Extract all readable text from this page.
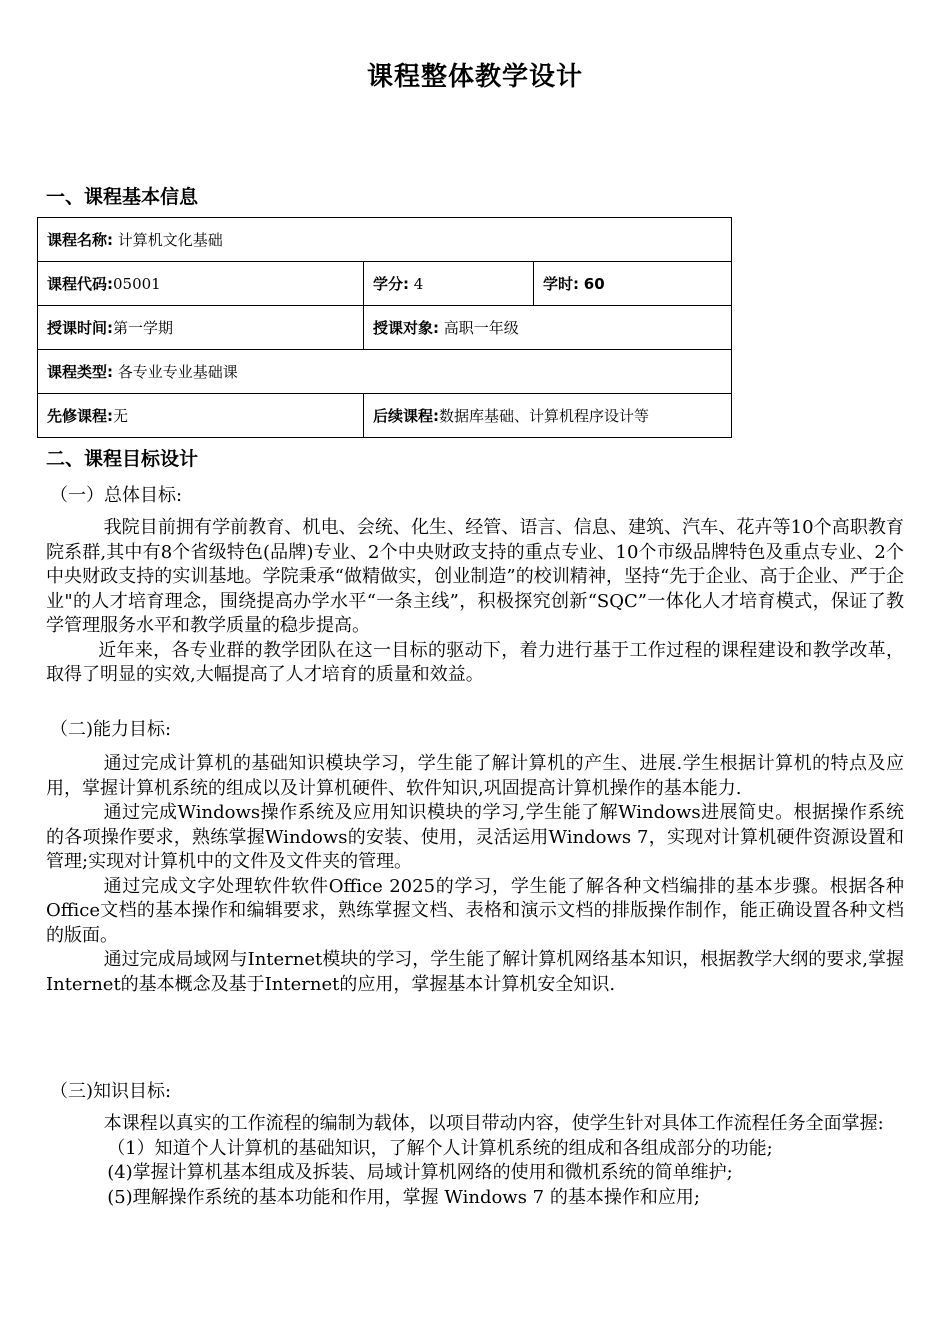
课程整体教学设计
一、课程基本信息
课程名称: 计算机文化基础		
课程代码:05001	学分: 4	学时: 60
授课时间:第一学期	授课对象: 高职一年级	
课程类型: 各专业专业基础课		
先修课程:无	后续课程:数据库基础、计算机程序设计等	
二、课程目标设计
（一）总体目标:

我院目前拥有学前教育、机电、会统、化生、经管、语言、信息、建筑、汽车、花卉等10个高职教育院系群,其中有8个省级特色(品牌)专业、2个中央财政支持的重点专业、10个市级品牌特色及重点专业、2个中央财政支持的实训基地。学院秉承“做精做实，创业制造”的校训精神，坚持“先于企业、高于企业、严于企业"的人才培育理念，围绕提高办学水平“一条主线”，积极探究创新“SQC”一体化人才培育模式，保证了教学管理服务水平和教学质量的稳步提高。

近年来，各专业群的教学团队在这一目标的驱动下，着力进行基于工作过程的课程建设和教学改革，取得了明显的实效,大幅提高了人才培育的质量和效益。

（二)能力目标:

通过完成计算机的基础知识模块学习，学生能了解计算机的产生、进展.学生根据计算机的特点及应用，掌握计算机系统的组成以及计算机硬件、软件知识,巩固提高计算机操作的基本能力.

通过完成Windows操作系统及应用知识模块的学习,学生能了解Windows进展简史。根据操作系统的各项操作要求，熟练掌握Windows的安装、使用，灵活运用Windows 7，实现对计算机硬件资源设置和管理;实现对计算机中的文件及文件夹的管理。

通过完成文字处理软件软件Office 2025的学习，学生能了解各种文档编排的基本步骤。根据各种Office文档的基本操作和编辑要求，熟练掌握文档、表格和演示文档的排版操作制作，能正确设置各种文档的版面。

通过完成局域网与Internet模块的学习，学生能了解计算机网络基本知识，根据教学大纲的要求,掌握Internet的基本概念及基于Internet的应用，掌握基本计算机安全知识.

（三)知识目标:

本课程以真实的工作流程的编制为载体，以项目带动内容，使学生针对具体工作流程任务全面掌握:

（1）知道个人计算机的基础知识，了解个人计算机系统的组成和各组成部分的功能;

(4)掌握计算机基本组成及拆装、局域计算机网络的使用和微机系统的简单维护;

(5)理解操作系统的基本功能和作用，掌握 Windows 7 的基本操作和应用;
